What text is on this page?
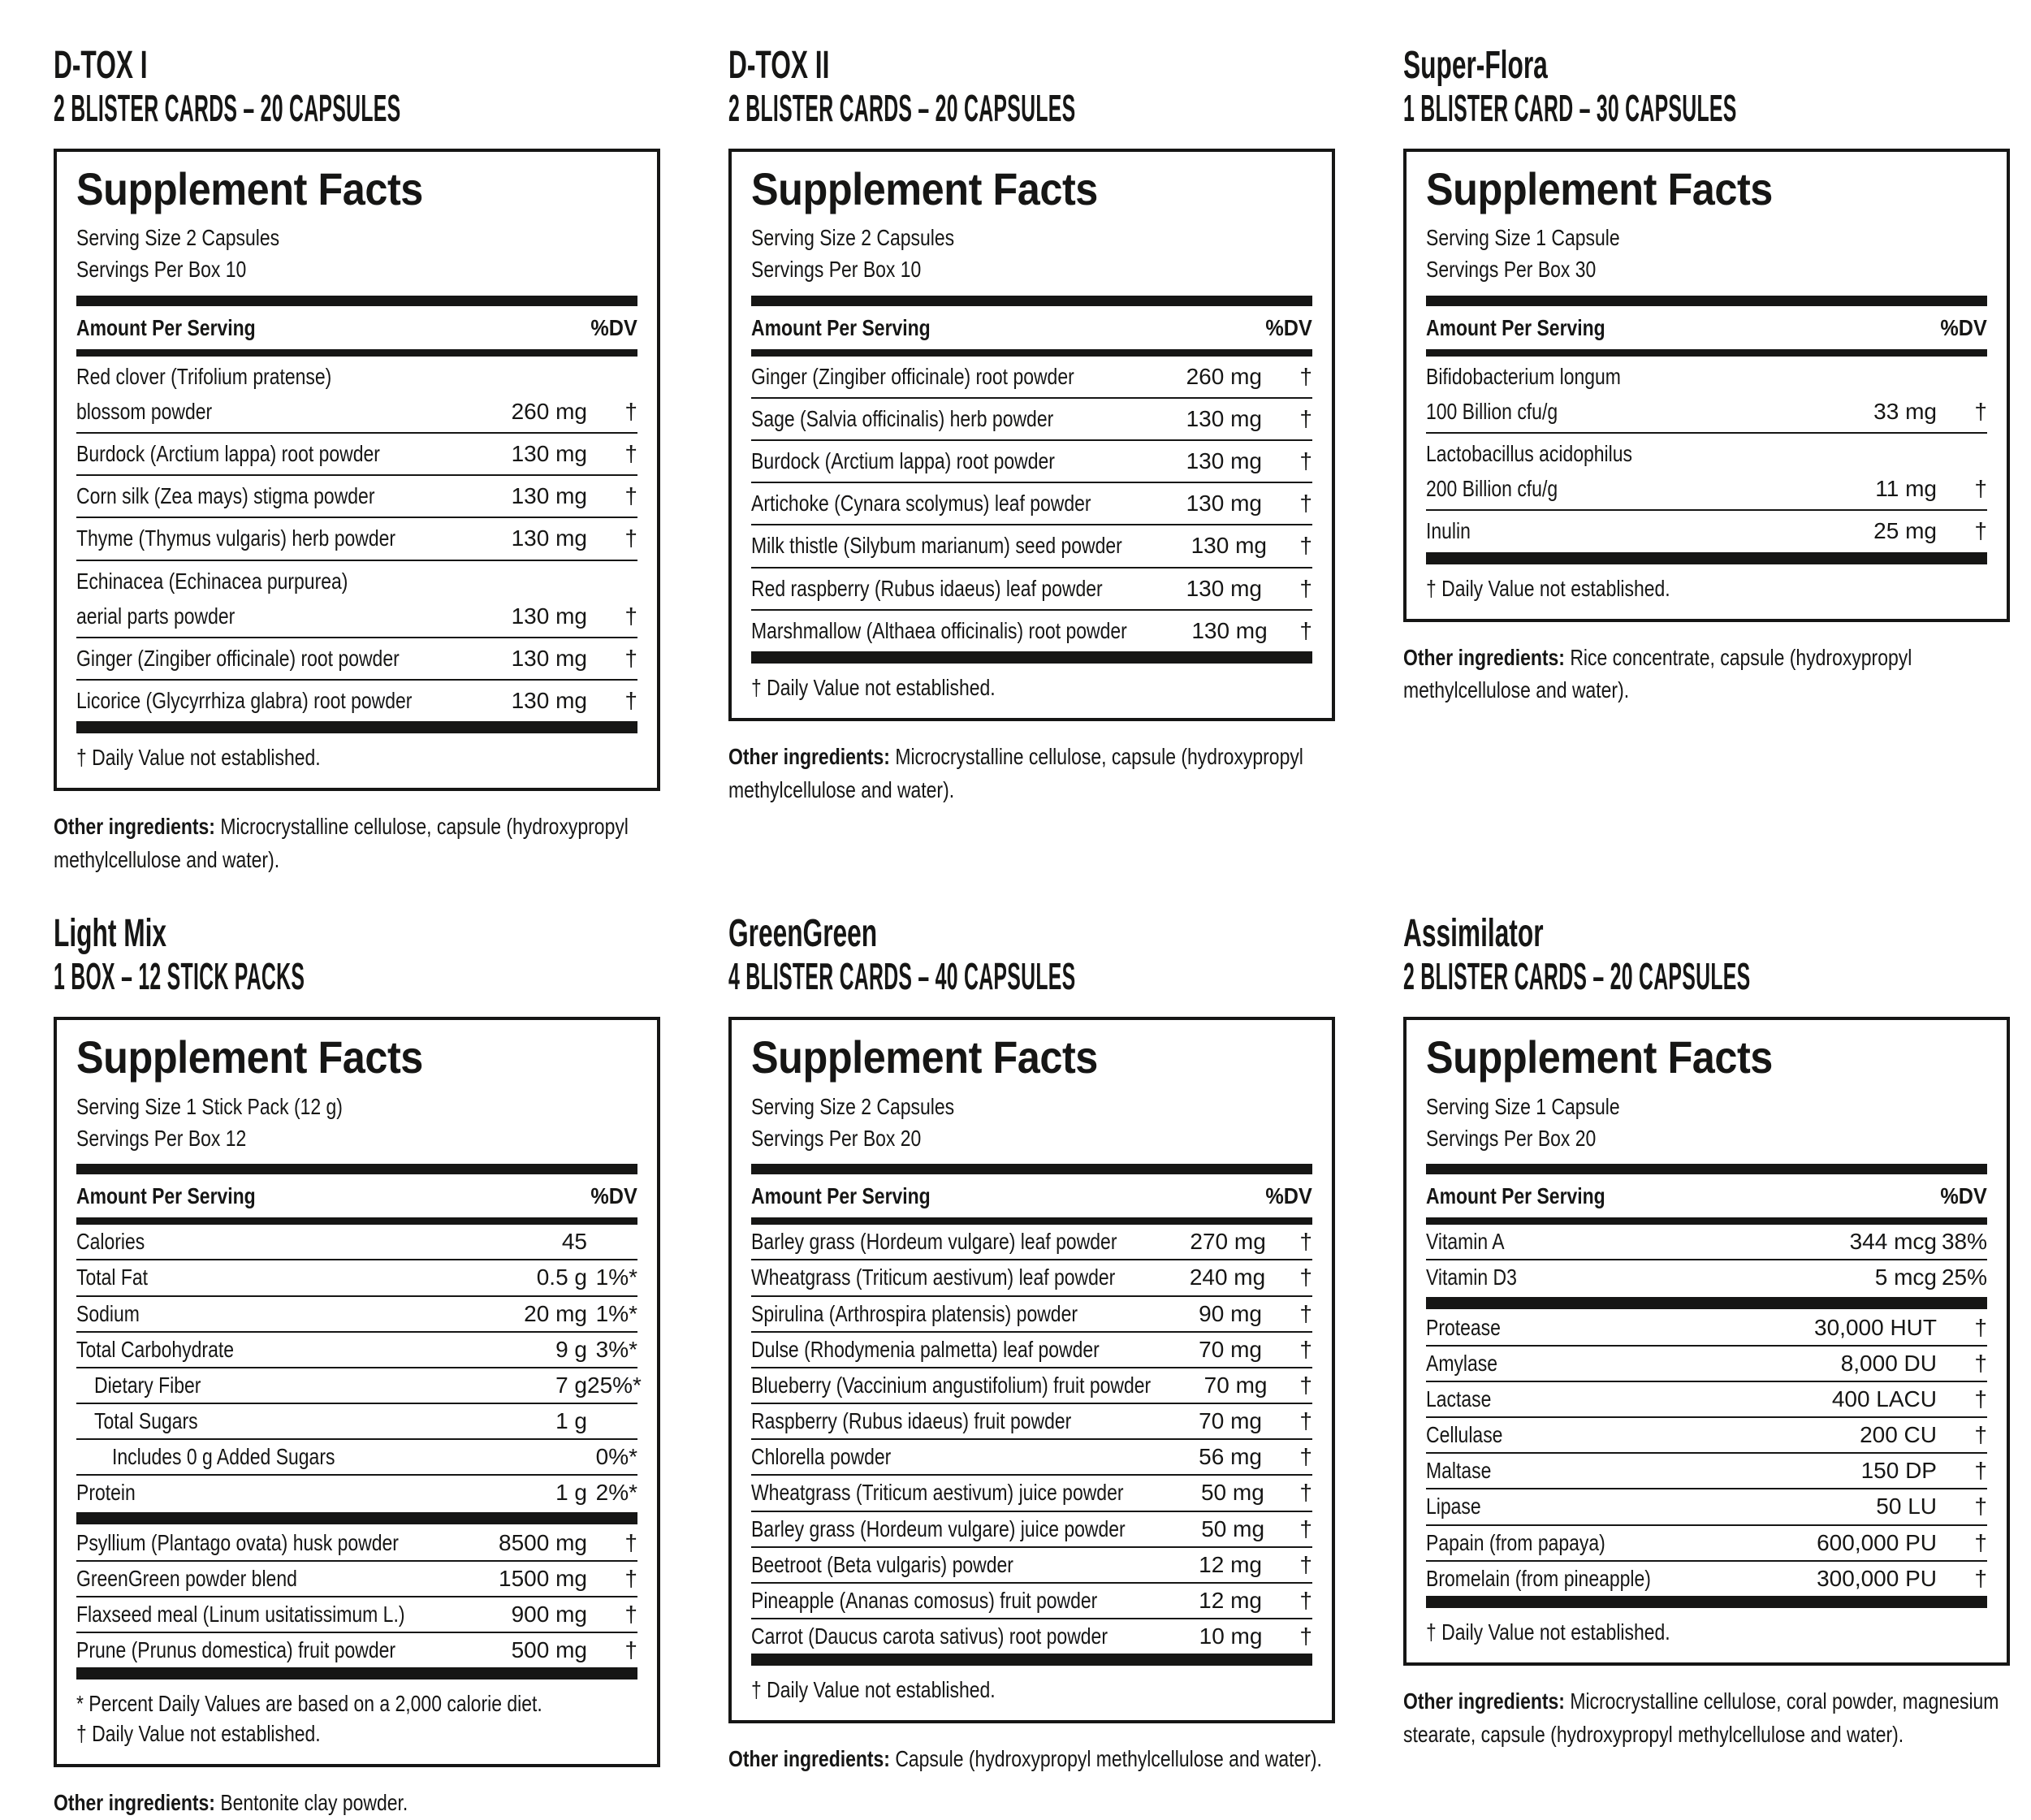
D-TOX I
2 BLISTER CARDS – 20 CAPSULES
Supplement Facts
Serving Size 2 Capsules
Servings Per Box 10
Amount Per Serving	%DV
Red clover (Trifolium pratense)
blossom powder	260 mg	†
Burdock (Arctium lappa) root powder	130 mg	†
Corn silk (Zea mays) stigma powder	130 mg	†
Thyme (Thymus vulgaris) herb powder	130 mg	†
Echinacea (Echinacea purpurea)
aerial parts powder	130 mg	†
Ginger (Zingiber officinale) root powder	130 mg	†
Licorice (Glycyrrhiza glabra) root powder	130 mg	†
† Daily Value not established.

Other ingredients: Microcrystalline cellulose, capsule (hydroxypropyl methylcellulose and water).

D-TOX II
2 BLISTER CARDS – 20 CAPSULES
Supplement Facts
Serving Size 2 Capsules
Servings Per Box 10
Amount Per Serving	%DV
Ginger (Zingiber officinale) root powder	260 mg	†
Sage (Salvia officinalis) herb powder	130 mg	†
Burdock (Arctium lappa) root powder	130 mg	†
Artichoke (Cynara scolymus) leaf powder	130 mg	†
Milk thistle (Silybum marianum) seed powder	130 mg	†
Red raspberry (Rubus idaeus) leaf powder	130 mg	†
Marshmallow (Althaea officinalis) root powder	130 mg	†
† Daily Value not established.

Other ingredients: Microcrystalline cellulose, capsule (hydroxypropyl methylcellulose and water).

Super-Flora
1 BLISTER CARD – 30 CAPSULES
Supplement Facts
Serving Size 1 Capsule
Servings Per Box 30
Amount Per Serving	%DV
Bifidobacterium longum
100 Billion cfu/g	33 mg	†
Lactobacillus acidophilus
200 Billion cfu/g	11 mg	†
Inulin	25 mg	†
† Daily Value not established.

Other ingredients: Rice concentrate, capsule (hydroxypropyl methylcellulose and water).

Light Mix
1 BOX – 12 STICK PACKS
Supplement Facts
Serving Size 1 Stick Pack (12 g)
Servings Per Box 12
Amount Per Serving	%DV
Calories	45
Total Fat	0.5 g 1%*
Sodium	20 mg 1%*
Total Carbohydrate	9 g 3%*
Dietary Fiber	7 g 25%*
Total Sugars	1 g
Includes 0 g Added Sugars	0%*
Protein	1 g 2%*
Psyllium (Plantago ovata) husk powder	8500 mg	†
GreenGreen powder blend	1500 mg	†
Flaxseed meal (Linum usitatissimum L.)	900 mg	†
Prune (Prunus domestica) fruit powder	500 mg	†
* Percent Daily Values are based on a 2,000 calorie diet.
† Daily Value not established.

Other ingredients: Bentonite clay powder.

GreenGreen
4 BLISTER CARDS – 40 CAPSULES
Supplement Facts
Serving Size 2 Capsules
Servings Per Box 20
Amount Per Serving	%DV
Barley grass (Hordeum vulgare) leaf powder	270 mg	†
Wheatgrass (Triticum aestivum) leaf powder	240 mg	†
Spirulina (Arthrospira platensis) powder	90 mg	†
Dulse (Rhodymenia palmetta) leaf powder	70 mg	†
Blueberry (Vaccinium angustifolium) fruit powder	70 mg	†
Raspberry (Rubus idaeus) fruit powder	70 mg	†
Chlorella powder	56 mg	†
Wheatgrass (Triticum aestivum) juice powder	50 mg	†
Barley grass (Hordeum vulgare) juice powder	50 mg	†
Beetroot (Beta vulgaris) powder	12 mg	†
Pineapple (Ananas comosus) fruit powder	12 mg	†
Carrot (Daucus carota sativus) root powder	10 mg	†
† Daily Value not established.

Other ingredients: Capsule (hydroxypropyl methylcellulose and water).

Assimilator
2 BLISTER CARDS – 20 CAPSULES
Supplement Facts
Serving Size 1 Capsule
Servings Per Box 20
Amount Per Serving	%DV
Vitamin A	344 mcg 38%
Vitamin D3	5 mcg 25%
Protease	30,000 HUT	†
Amylase	8,000 DU	†
Lactase	400 LACU	†
Cellulase	200 CU	†
Maltase	150 DP	†
Lipase	50 LU	†
Papain (from papaya)	600,000 PU	†
Bromelain (from pineapple)	300,000 PU	†
† Daily Value not established.

Other ingredients: Microcrystalline cellulose, coral powder, magnesium stearate, capsule (hydroxypropyl methylcellulose and water).
